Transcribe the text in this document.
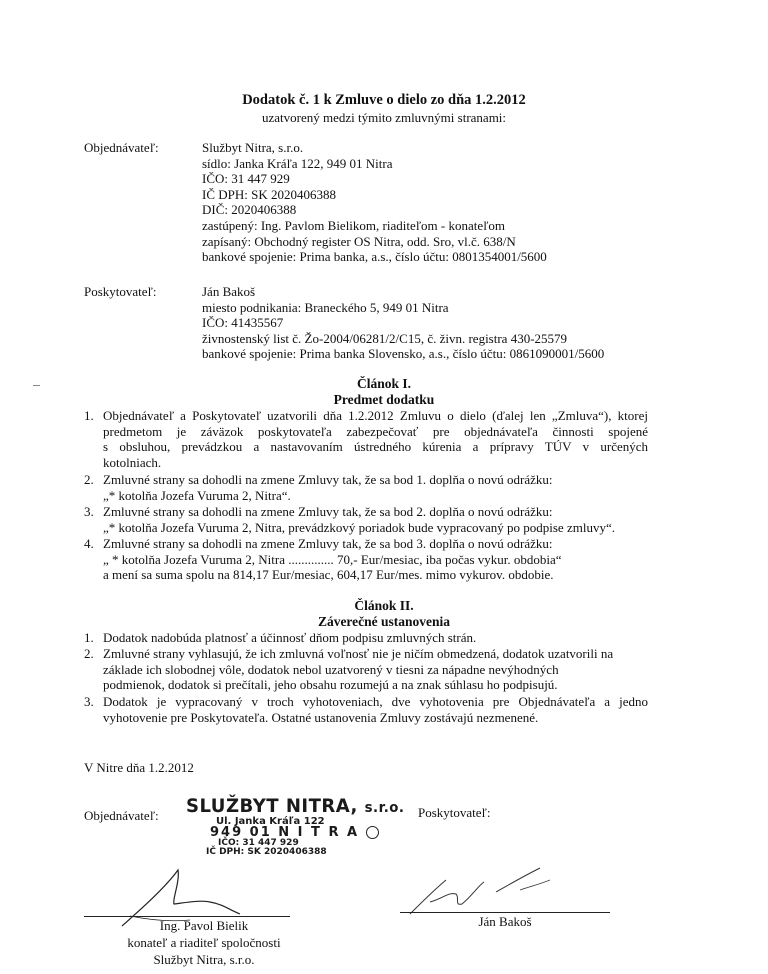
Dodatok č. 1 k Zmluve o dielo zo dňa 1.2.2012
uzatvorený medzi týmito zmluvnými stranami:
Objednávateľ:	Službyt Nitra, s.r.o.
sídlo: Janka Kráľa 122, 949 01 Nitra
IČO: 31 447 929
IČ DPH: SK 2020406388
DIČ: 2020406388
zastúpený: Ing. Pavlom Bielikom, riaditeľom - konateľom
zapísaný: Obchodný register OS Nitra, odd. Sro, vl.č. 638/N
bankové spojenie: Prima banka, a.s., číslo účtu: 0801354001/5600
Poskytovateľ:	Ján Bakoš
miesto podnikania: Braneckého 5, 949 01 Nitra
IČO: 41435567
živnostenský list č. Žo-2004/06281/2/C15, č. živn. registra 430-25579
bankové spojenie: Prima banka Slovensko, a.s., číslo účtu: 0861090001/5600
Článok I.
Predmet dodatku
1. Objednávateľ a Poskytovateľ uzatvorili dňa 1.2.2012 Zmluvu o dielo (ďalej len „Zmluva“), ktorej
predmetom je záväzok poskytovateľa zabezpečovať pre objednávateľa činnosti spojené
s obsluhou, prevádzkou a nastavovaním ústredného kúrenia a prípravy TÚV v určených
kotolniach.
2. Zmluvné strany sa dohodli na zmene Zmluvy tak, že sa bod 1. doplňa o novú odrážku:
„* kotolňa Jozefa Vuruma 2, Nitra“.
3. Zmluvné strany sa dohodli na zmene Zmluvy tak, že sa bod 2. doplňa o novú odrážku:
„* kotolňa Jozefa Vuruma 2, Nitra, prevádzkový poriadok bude vypracovaný po podpise zmluvy“.
4. Zmluvné strany sa dohodli na zmene Zmluvy tak, že sa bod 3. doplňa o novú odrážku:
„ * kotolňa Jozefa Vuruma 2, Nitra .............. 70,- Eur/mesiac, iba počas vykur. obdobia“
a mení sa suma spolu na 814,17 Eur/mesiac, 604,17 Eur/mes. mimo vykurov. obdobie.
Článok II.
Záverečné ustanovenia
1. Dodatok nadobúda platnosť a účinnosť dňom podpisu zmluvných strán.
2. Zmluvné strany vyhlasujú, že ich zmluvná voľnosť nie je ničím obmedzená, dodatok uzatvorili na
základe ich slobodnej vôle, dodatok nebol uzatvorený v tiesni za nápadne nevýhodných
podmienok, dodatok si prečítali, jeho obsahu rozumejú a na znak súhlasu ho podpisujú.
3. Dodatok je vypracovaný v troch vyhotoveniach, dve vyhotovenia pre Objednávateľa a jedno
vyhotovenie pre Poskytovateľa. Ostatné ustanovenia Zmluvy zostávajú nezmenené.
V Nitre dňa 1.2.2012
Objednávateľ:	Poskytovateľ:
SLUŽBYT NITRA, s.r.o.
Ul. Janka Kráľa 122
949 01 N I T R A
IČO: 31 447 929
IČ DPH: SK 2020406388
Ing. Pavol Bielik
konateľ a riaditeľ spoločnosti
Službyt Nitra, s.r.o.
Ján Bakoš
